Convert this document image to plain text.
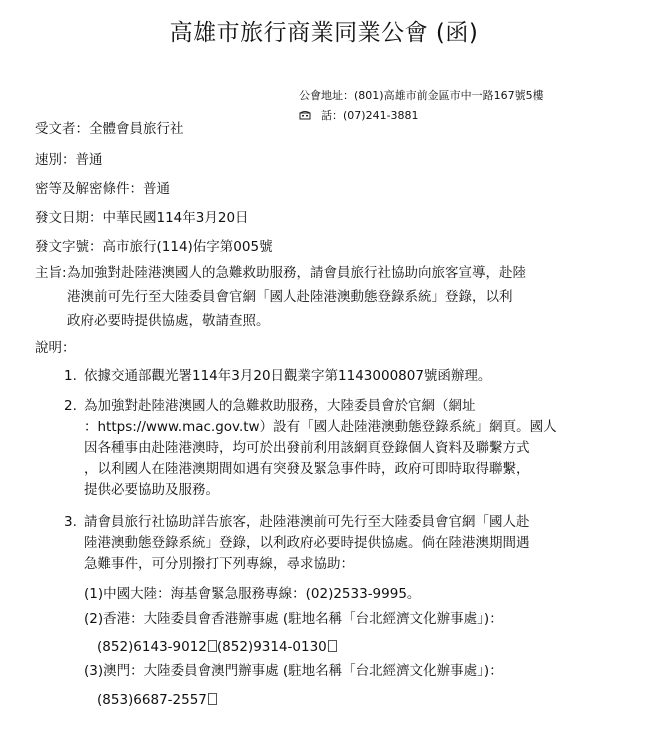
高雄市旅行商業同業公會 (函)
公會地址：(801)高雄市前金區市中一路167號5樓
話：(07)241-3881
受文者：全體會員旅行社
速別：普通
密等及解密條件：普通
發文日期：中華民國114年3月20日
發文字號：高市旅行(114)佑字第005號
主旨: 為加強對赴陸港澳國人的急難救助服務，請會員旅行社協助向旅客宣導，赴陸
港澳前可先行至大陸委員會官網「國人赴陸港澳動態登錄系統」登錄，以利
政府必要時提供協處，敬請查照。
說明：
1. 依據交通部觀光署114年3月20日觀業字第1143000807號函辦理。
2. 為加強對赴陸港澳國人的急難救助服務，大陸委員會於官網（網址
：https://www.mac.gov.tw）設有「國人赴陸港澳動態登錄系統」網頁。國人
因各種事由赴陸港澳時，均可於出發前利用該網頁登錄個人資料及聯繫方式
，以利國人在陸港澳期間如遇有突發及緊急事件時，政府可即時取得聯繫，
提供必要協助及服務。
3. 請會員旅行社協助詳告旅客，赴陸港澳前可先行至大陸委員會官網「國人赴
陸港澳動態登錄系統」登錄，以利政府必要時提供協處。倘在陸港澳期間遇
急難事件，可分別撥打下列專線，尋求協助：
(1)中國大陸：海基會緊急服務專線：(02)2533-9995。
(2)香港：大陸委員會香港辦事處 (駐地名稱「台北經濟文化辦事處」)：
(852)6143-9012 (852)9314-0130
(3)澳門：大陸委員會澳門辦事處 (駐地名稱「台北經濟文化辦事處」)：
(853)6687-2557
